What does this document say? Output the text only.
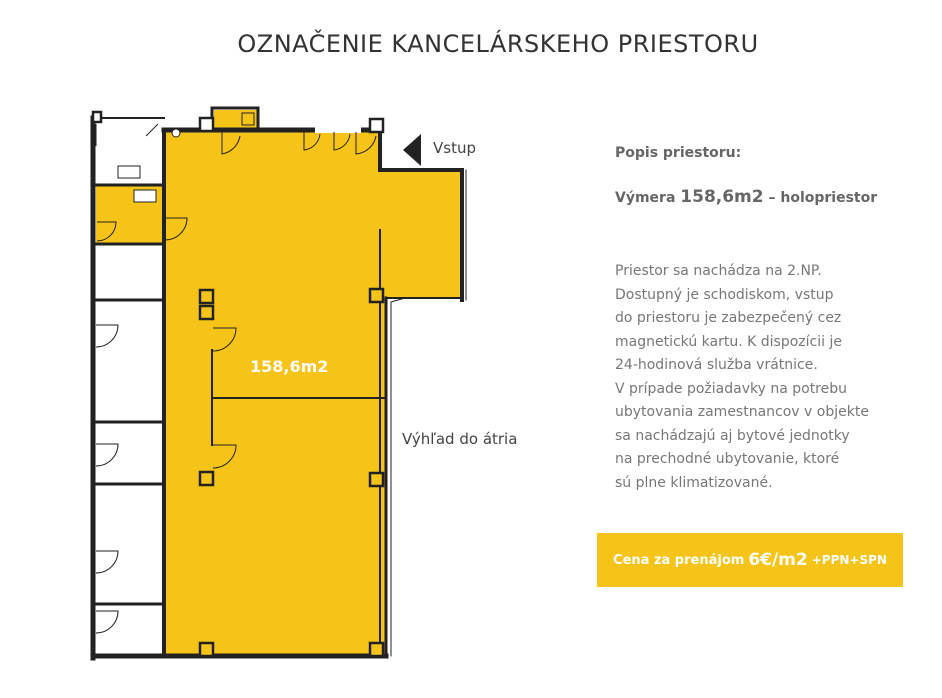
OZNAČENIE KANCELÁRSKEHO PRIESTORU
Vstup
158,6m2
Výhľad do átria
Popis priestoru:
Výmera 158,6m2 – holopriestor
Priestor sa nachádza na 2.NP.
Dostupný je schodiskom, vstup
do priestoru je zabezpečený cez
magnetickú kartu. K dispozícii je
24-hodinová služba vrátnice.
V prípade požiadavky na potrebu
ubytovania zamestnancov v objekte
sa nachádzajú aj bytové jednotky
na prechodné ubytovanie, ktoré
sú plne klimatizované.
Cena za prenájom 6€/m2 +PPN+SPN
